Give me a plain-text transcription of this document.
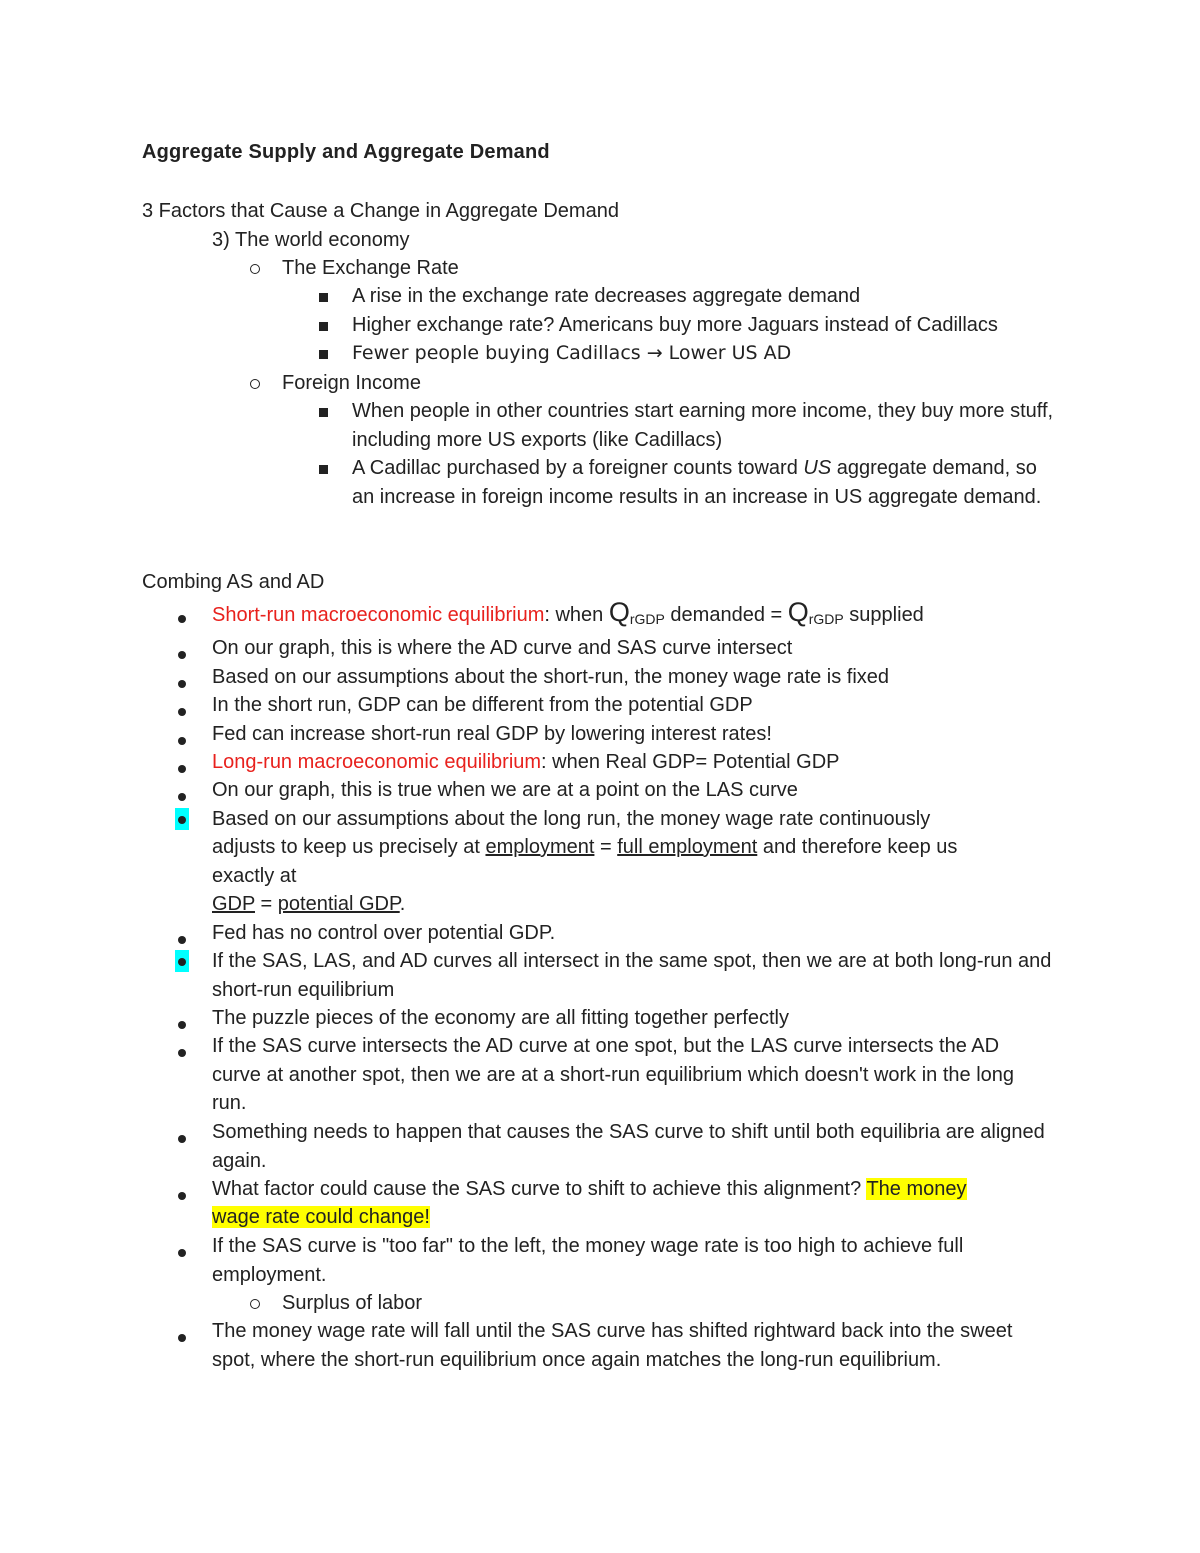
Aggregate Supply and Aggregate Demand
3 Factors that Cause a Change in Aggregate Demand
3) The world economy
The Exchange Rate
A rise in the exchange rate decreases aggregate demand
Higher exchange rate? Americans buy more Jaguars instead of Cadillacs
Fewer people buying Cadillacs → Lower US AD
Foreign Income
When people in other countries start earning more income, they buy more stuff, including more US exports (like Cadillacs)
A Cadillac purchased by a foreigner counts toward US aggregate demand, so an increase in foreign income results in an increase in US aggregate demand.
Combing AS and AD
Short-run macroeconomic equilibrium: when $Q_{rGDP}$ demanded = $Q_{rGDP}$ supplied
On our graph, this is where the AD curve and SAS curve intersect
Based on our assumptions about the short-run, the money wage rate is fixed
In the short run, GDP can be different from the potential GDP
Fed can increase short-run real GDP by lowering interest rates!
Long-run macroeconomic equilibrium: when Real GDP= Potential GDP
On our graph, this is true when we are at a point on the LAS curve
Based on our assumptions about the long run, the money wage rate continuously
adjusts to keep us precisely at employment = full employment and therefore keep us
exactly at
GDP = potential GDP.
Fed has no control over potential GDP.
If the SAS, LAS, and AD curves all intersect in the same spot, then we are at both long-run and short-run equilibrium
The puzzle pieces of the economy are all fitting together perfectly
If the SAS curve intersects the AD curve at one spot, but the LAS curve intersects the AD curve at another spot, then we are at a short-run equilibrium which doesn't work in the long run.
Something needs to happen that causes the SAS curve to shift until both equilibria are aligned again.
What factor could cause the SAS curve to shift to achieve this alignment? The money
wage rate could change!
If the SAS curve is "too far" to the left, the money wage rate is too high to achieve full employment.
Surplus of labor
The money wage rate will fall until the SAS curve has shifted rightward back into the sweet spot, where the short-run equilibrium once again matches the long-run equilibrium.
